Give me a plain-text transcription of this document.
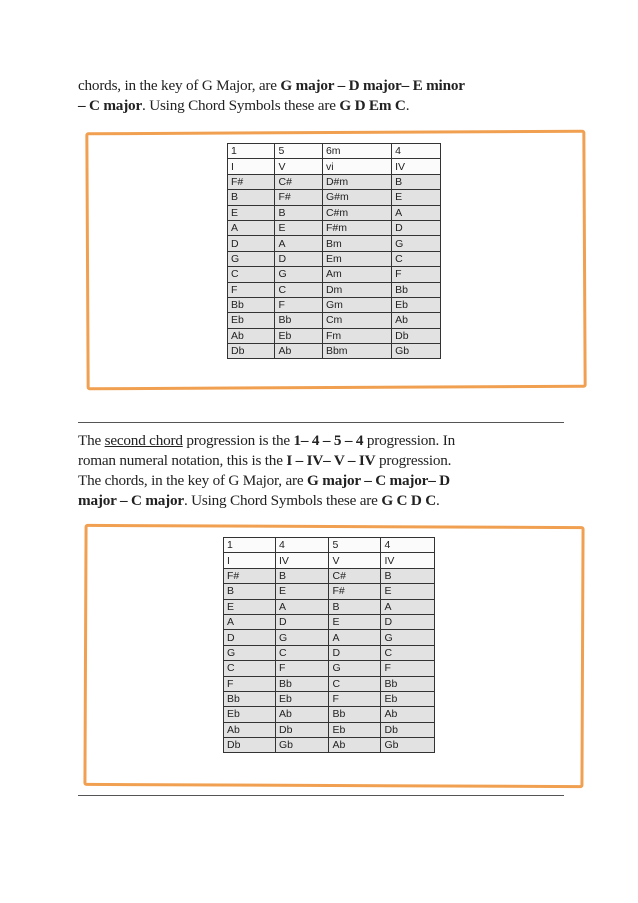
chords, in the key of G Major, are G major – D major– E minor
– C major. Using Chord Symbols these are G D Em C.
1	5	6m	4
I	V	vi	IV
F#	C#	D#m	B
B	F#	G#m	E
E	B	C#m	A
A	E	F#m	D
D	A	Bm	G
G	D	Em	C
C	G	Am	F
F	C	Dm	Bb
Bb	F	Gm	Eb
Eb	Bb	Cm	Ab
Ab	Eb	Fm	Db
Db	Ab	Bbm	Gb
The second chord progression is the 1– 4 – 5 – 4 progression. In
roman numeral notation, this is the I – IV– V – IV progression.
The chords, in the key of G Major, are G major – C major– D
major – C major. Using Chord Symbols these are G C D C.
1	4	5	4
I	IV	V	IV
F#	B	C#	B
B	E	F#	E
E	A	B	A
A	D	E	D
D	G	A	G
G	C	D	C
C	F	G	F
F	Bb	C	Bb
Bb	Eb	F	Eb
Eb	Ab	Bb	Ab
Ab	Db	Eb	Db
Db	Gb	Ab	Gb
